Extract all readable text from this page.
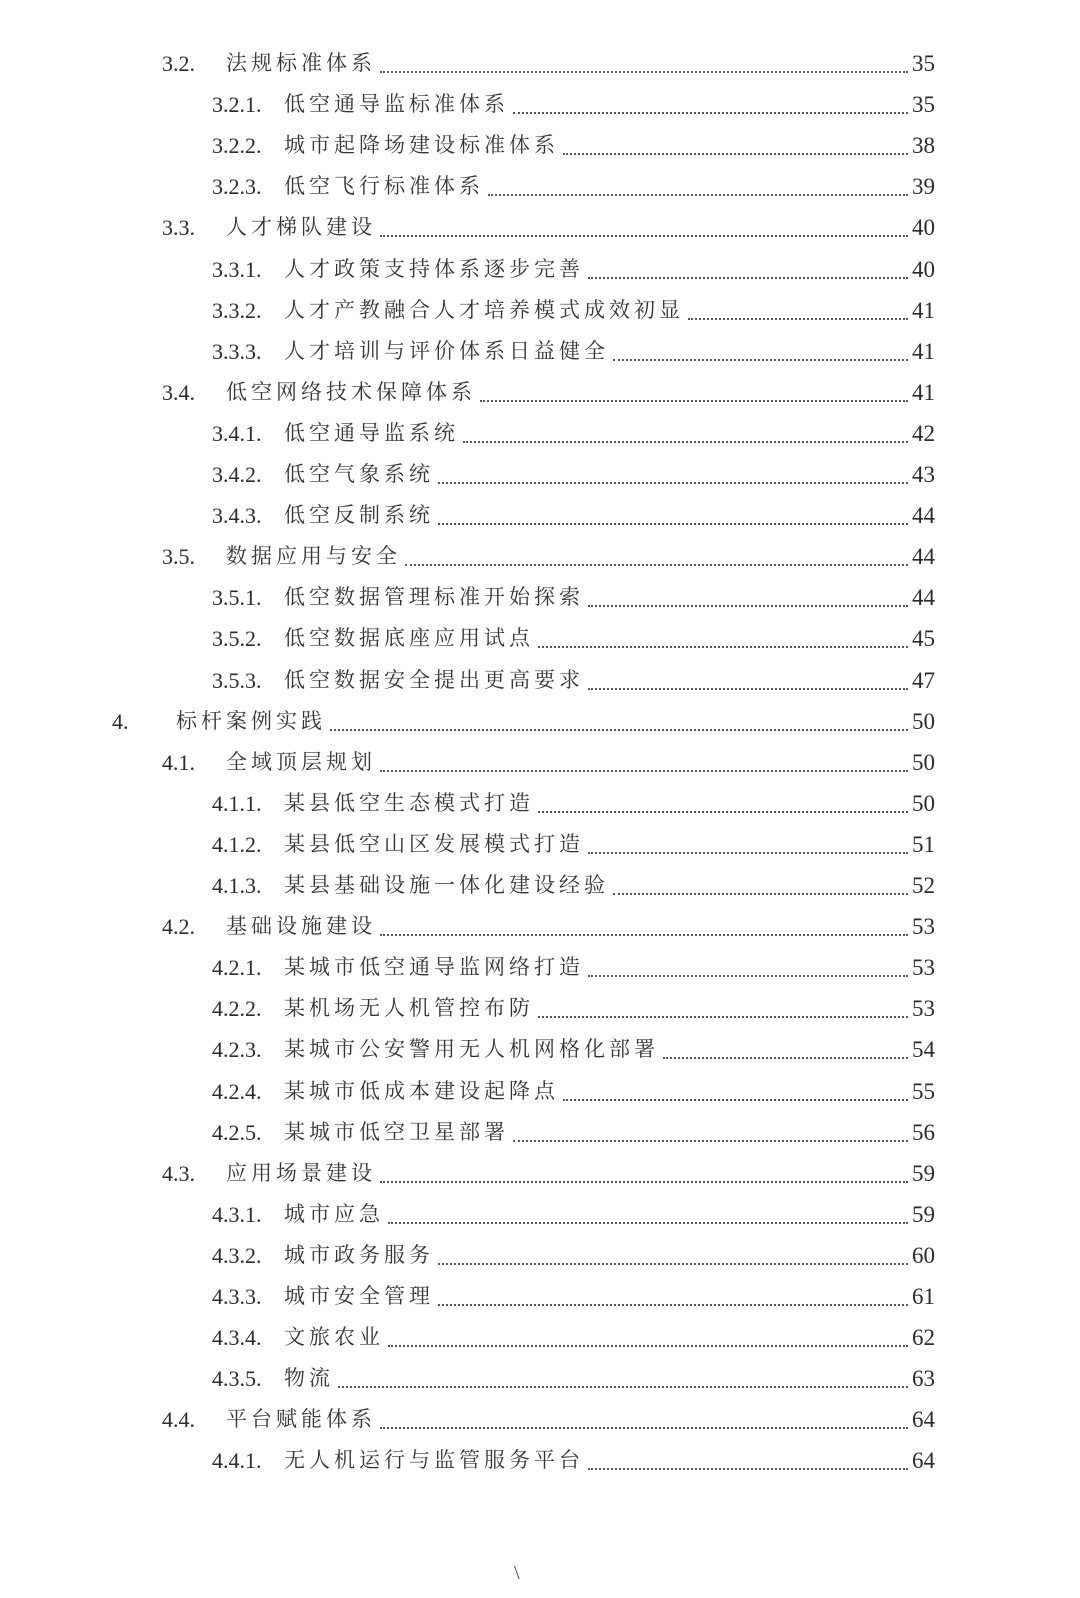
3.2.	法规标准体系	35
3.2.1.	低空通导监标准体系	35
3.2.2.	城市起降场建设标准体系	38
3.2.3.	低空飞行标准体系	39
3.3.	人才梯队建设	40
3.3.1.	人才政策支持体系逐步完善	40
3.3.2.	人才产教融合人才培养模式成效初显	41
3.3.3.	人才培训与评价体系日益健全	41
3.4.	低空网络技术保障体系	41
3.4.1.	低空通导监系统	42
3.4.2.	低空气象系统	43
3.4.3.	低空反制系统	44
3.5.	数据应用与安全	44
3.5.1.	低空数据管理标准开始探索	44
3.5.2.	低空数据底座应用试点	45
3.5.3.	低空数据安全提出更高要求	47
4.	标杆案例实践	50
4.1.	全域顶层规划	50
4.1.1.	某县低空生态模式打造	50
4.1.2.	某县低空山区发展模式打造	51
4.1.3.	某县基础设施一体化建设经验	52
4.2.	基础设施建设	53
4.2.1.	某城市低空通导监网络打造	53
4.2.2.	某机场无人机管控布防	53
4.2.3.	某城市公安警用无人机网格化部署	54
4.2.4.	某城市低成本建设起降点	55
4.2.5.	某城市低空卫星部署	56
4.3.	应用场景建设	59
4.3.1.	城市应急	59
4.3.2.	城市政务服务	60
4.3.3.	城市安全管理	61
4.3.4.	文旅农业	62
4.3.5.	物流	63
4.4.	平台赋能体系	64
4.4.1.	无人机运行与监管服务平台	64
\
